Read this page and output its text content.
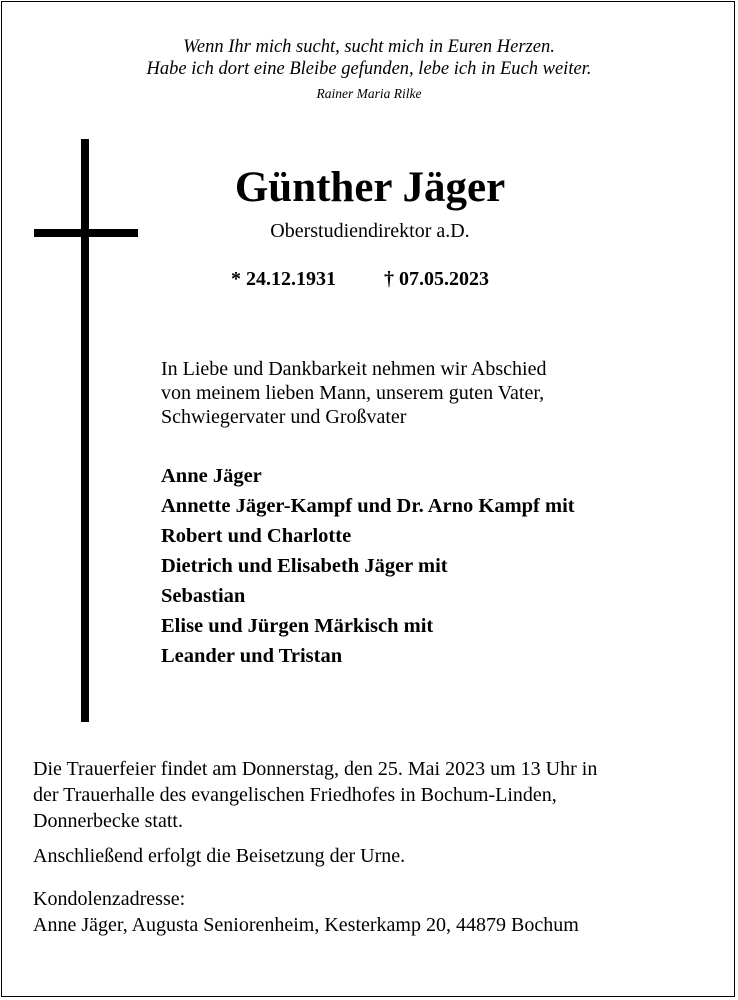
Wenn Ihr mich sucht, sucht mich in Euren Herzen.
Habe ich dort eine Bleibe gefunden, lebe ich in Euch weiter.
Rainer Maria Rilke
Günther Jäger
Oberstudiendirektor a.D.
* 24.12.1931 † 07.05.2023
In Liebe und Dankbarkeit nehmen wir Abschied
von meinem lieben Mann, unserem guten Vater,
Schwiegervater und Großvater
Anne Jäger
Annette Jäger-Kampf und Dr. Arno Kampf mit
Robert und Charlotte
Dietrich und Elisabeth Jäger mit
Sebastian
Elise und Jürgen Märkisch mit
Leander und Tristan
Die Trauerfeier findet am Donnerstag, den 25. Mai 2023 um 13 Uhr in
der Trauerhalle des evangelischen Friedhofes in Bochum-Linden,
Donnerbecke statt.
Anschließend erfolgt die Beisetzung der Urne.
Kondolenzadresse:
Anne Jäger, Augusta Seniorenheim, Kesterkamp 20, 44879 Bochum
